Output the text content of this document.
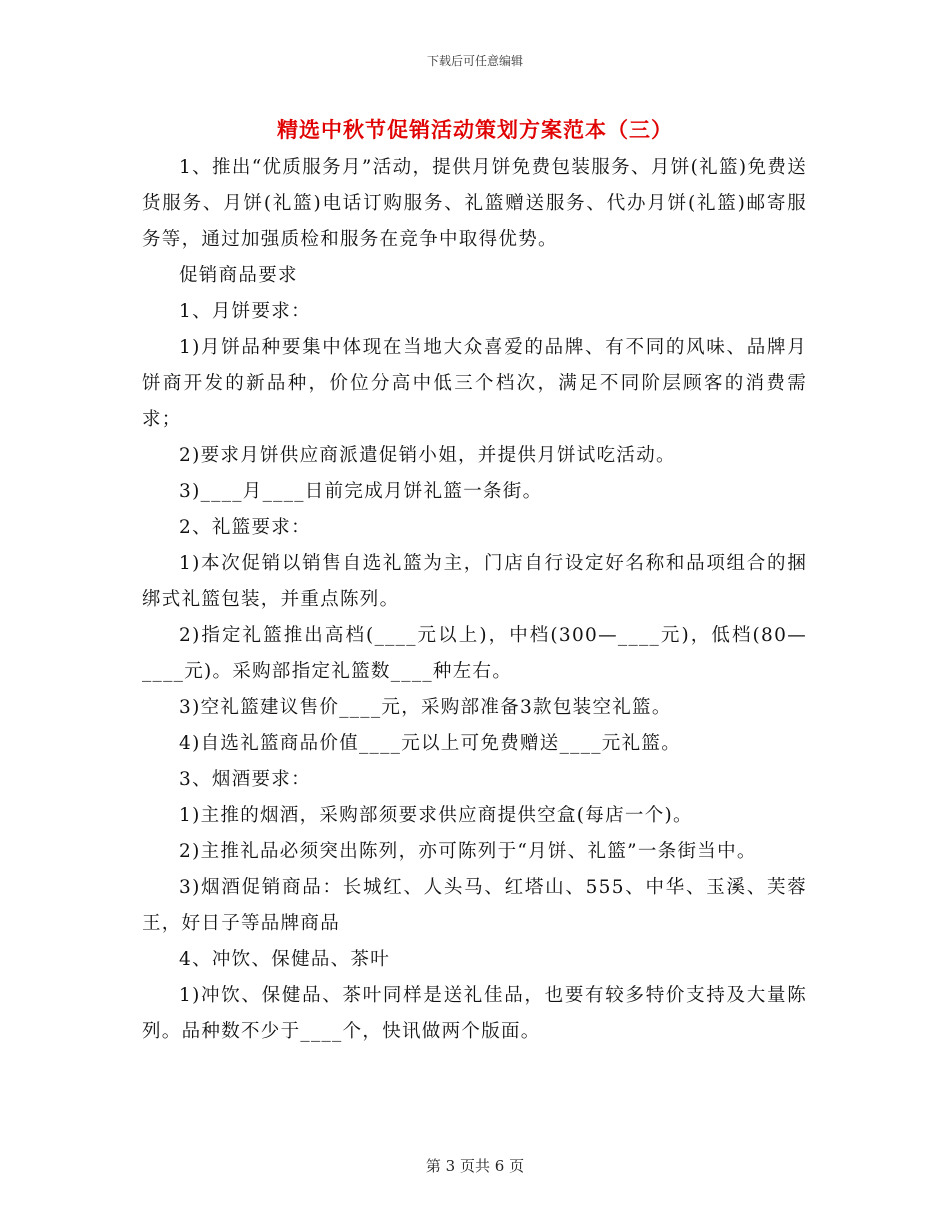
下载后可任意编辑
精选中秋节促销活动策划方案范本（三）

1、推出“优质服务月”活动，提供月饼免费包装服务、月饼(礼篮)免费送货服务、月饼(礼篮)电话订购服务、礼篮赠送服务、代办月饼(礼篮)邮寄服务等，通过加强质检和服务在竞争中取得优势。

促销商品要求

1、月饼要求：

1)月饼品种要集中体现在当地大众喜爱的品牌、有不同的风味、品牌月饼商开发的新品种，价位分高中低三个档次，满足不同阶层顾客的消费需求；

2)要求月饼供应商派遣促销小姐，并提供月饼试吃活动。

3)____月____日前完成月饼礼篮一条街。

2、礼篮要求：

1)本次促销以销售自选礼篮为主，门店自行设定好名称和品项组合的捆绑式礼篮包装，并重点陈列。

2)指定礼篮推出高档(____元以上)，中档(300—____元)，低档(80—____元)。采购部指定礼篮数____种左右。

3)空礼篮建议售价____元，采购部准备3款包装空礼篮。

4)自选礼篮商品价值____元以上可免费赠送____元礼篮。

3、烟酒要求：

1)主推的烟酒，采购部须要求供应商提供空盒(每店一个)。

2)主推礼品必须突出陈列，亦可陈列于“月饼、礼篮”一条街当中。

3)烟酒促销商品：长城红、人头马、红塔山、555、中华、玉溪、芙蓉王，好日子等品牌商品

4、冲饮、保健品、茶叶

1)冲饮、保健品、茶叶同样是送礼佳品，也要有较多特价支持及大量陈列。品种数不少于____个，快讯做两个版面。

第 3 页共 6 页
